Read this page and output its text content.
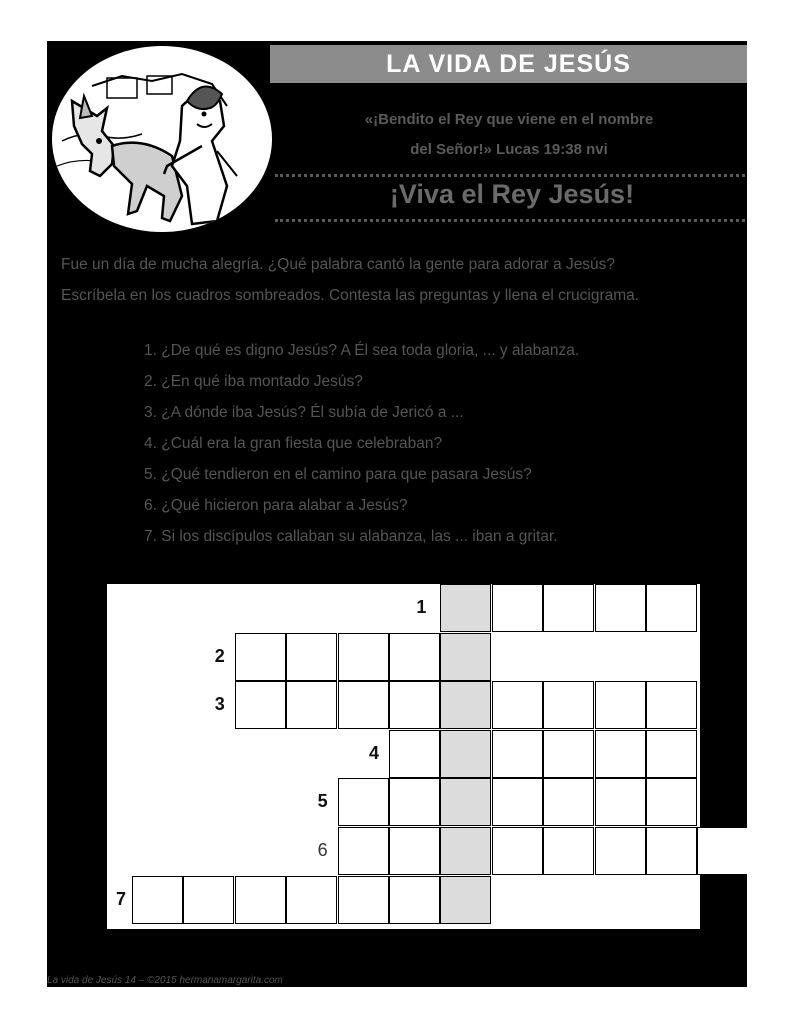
LA VIDA DE JESÚS
«¡Bendito el Rey que viene en el nombre
del Señor!» Lucas 19:38 nvi
¡Viva el Rey Jesús!
Fue un día de mucha alegría. ¿Qué palabra cantó la gente para adorar a Jesús?
Escríbela en los cuadros sombreados. Contesta las preguntas y llena el crucigrama.
1. ¿De qué es digno Jesús? A Él sea toda gloria, ... y alabanza.
2. ¿En qué iba montado Jesús?
3. ¿A dónde iba Jesús? Él subía de Jericó a ...
4. ¿Cuál era la gran fiesta que celebraban?
5. ¿Qué tendieron en el camino para que pasara Jesús?
6. ¿Qué hicieron para alabar a Jesús?
7. Si los discípulos callaban su alabanza, las ... iban a gritar.
1
2
3
4
5
6
7
La vida de Jesús 14 – ©2015 hermanamargarita.com
